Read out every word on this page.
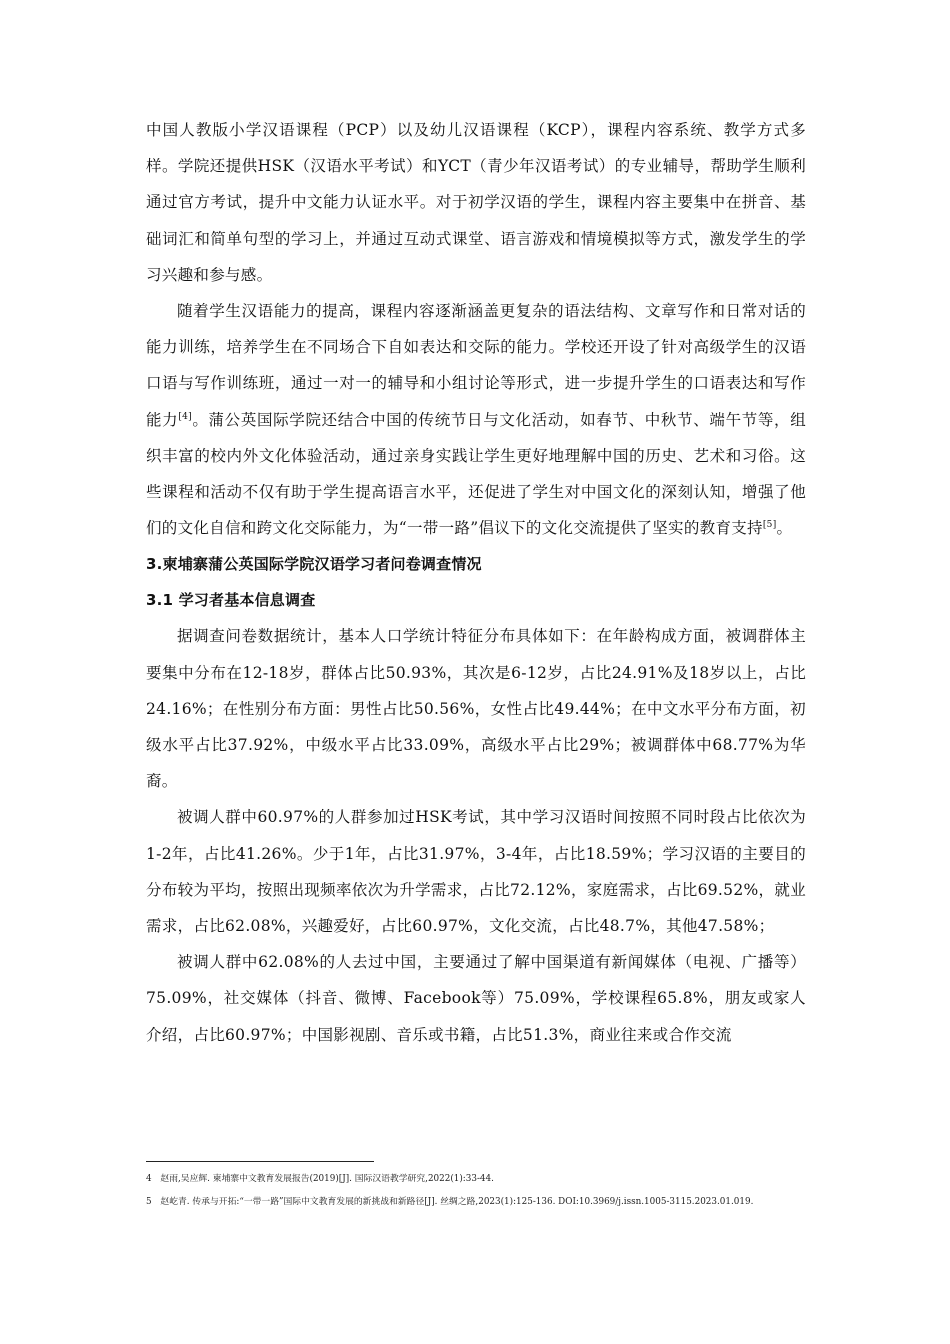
中国人教版小学汉语课程（PCP）以及幼儿汉语课程（KCP），课程内容系统、教学方式多样。学院还提供HSK（汉语水平考试）和YCT（青少年汉语考试）的专业辅导，帮助学生顺利通过官方考试，提升中文能力认证水平。对于初学汉语的学生，课程内容主要集中在拼音、基础词汇和简单句型的学习上，并通过互动式课堂、语言游戏和情境模拟等方式，激发学生的学习兴趣和参与感。

随着学生汉语能力的提高，课程内容逐渐涵盖更复杂的语法结构、文章写作和日常对话的能力训练，培养学生在不同场合下自如表达和交际的能力。学校还开设了针对高级学生的汉语口语与写作训练班，通过一对一的辅导和小组讨论等形式，进一步提升学生的口语表达和写作能力[4]。蒲公英国际学院还结合中国的传统节日与文化活动，如春节、中秋节、端午节等，组织丰富的校内外文化体验活动，通过亲身实践让学生更好地理解中国的历史、艺术和习俗。这些课程和活动不仅有助于学生提高语言水平，还促进了学生对中国文化的深刻认知，增强了他们的文化自信和跨文化交际能力，为“一带一路”倡议下的文化交流提供了坚实的教育支持[5]。

3.柬埔寨蒲公英国际学院汉语学习者问卷调查情况
3.1 学习者基本信息调查

据调查问卷数据统计，基本人口学统计特征分布具体如下：在年龄构成方面，被调群体主要集中分布在12-18岁，群体占比50.93%，其次是6-12岁，占比24.91%及18岁以上，占比24.16%；在性别分布方面：男性占比50.56%，女性占比49.44%；在中文水平分布方面，初级水平占比37.92%，中级水平占比33.09%，高级水平占比29%；被调群体中68.77%为华裔。

被调人群中60.97%的人群参加过HSK考试，其中学习汉语时间按照不同时段占比依次为1-2年，占比41.26%。少于1年，占比31.97%，3-4年，占比18.59%；学习汉语的主要目的分布较为平均，按照出现频率依次为升学需求，占比72.12%，家庭需求，占比69.52%，就业需求，占比62.08%，兴趣爱好，占比60.97%，文化交流，占比48.7%，其他47.58%；

被调人群中62.08%的人去过中国，主要通过了解中国渠道有新闻媒体（电视、广播等）75.09%，社交媒体（抖音、微博、Facebook等）75.09%，学校课程65.8%，朋友或家人介绍，占比60.97%；中国影视剧、音乐或书籍，占比51.3%，商业往来或合作交流

4　赵雨,吴应辉. 柬埔寨中文教育发展报告(2019)[J]. 国际汉语教学研究,2022(1):33-44.

5　赵屹青. 传承与开拓:“一带一路”国际中文教育发展的新挑战和新路径[J]. 丝绸之路,2023(1):125-136. DOI:10.3969/j.issn.1005-3115.2023.01.019.
